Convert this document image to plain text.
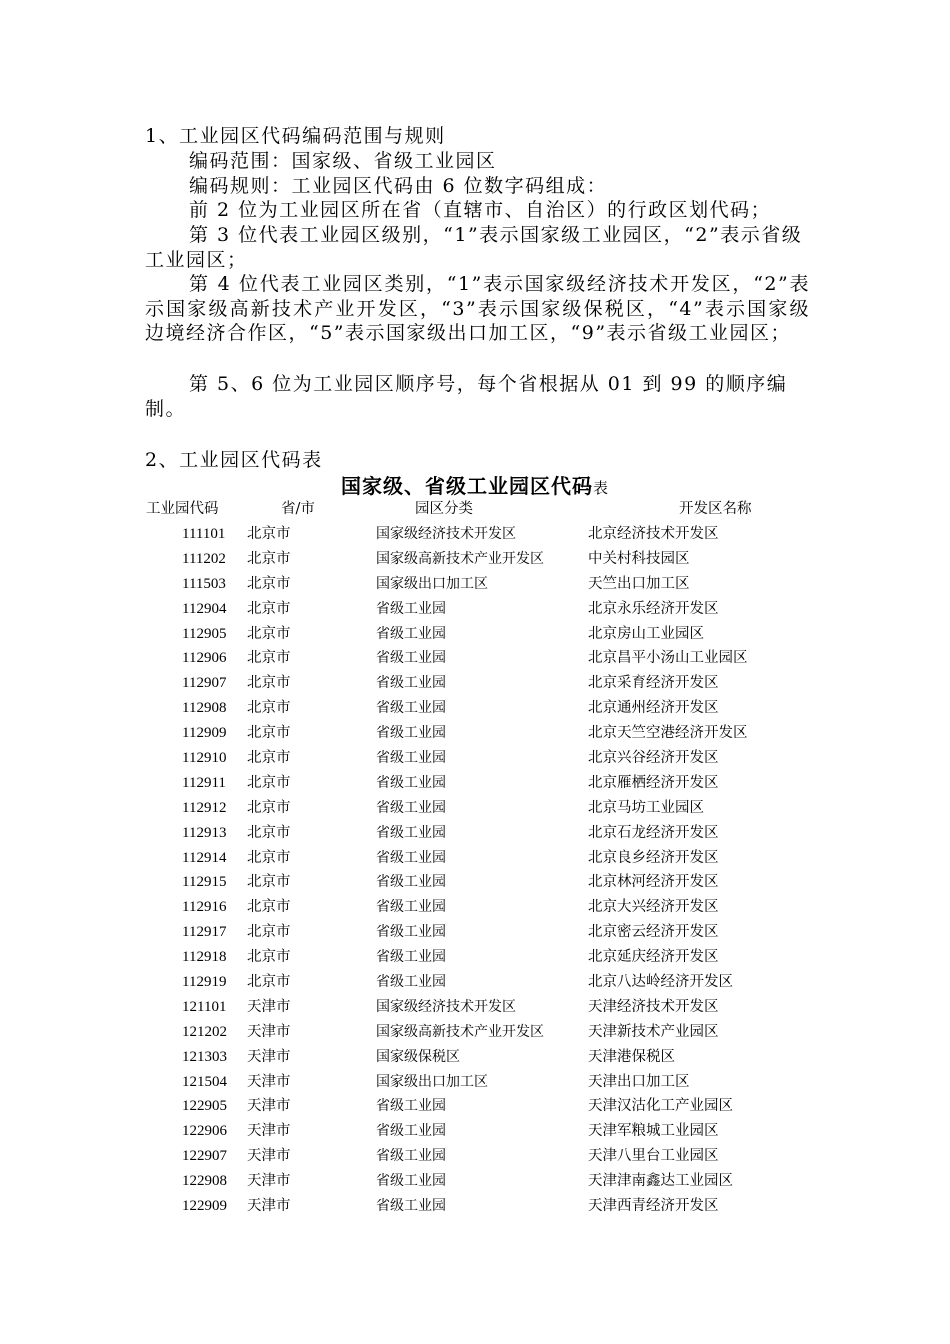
1、工业园区代码编码范围与规则
编码范围：国家级、省级工业园区
编码规则：工业园区代码由 6 位数字码组成：
前 2 位为工业园区所在省（直辖市、自治区）的行政区划代码；
第 3 位代表工业园区级别，“1”表示国家级工业园区，“2”表示省级工业园区；
第 4 位代表工业园区类别，“1”表示国家级经济技术开发区，“2”表示国家级高新技术产业开发区，“3”表示国家级保税区，“4”表示国家级边境经济合作区，“5”表示国家级出口加工区，“9”表示省级工业园区；
第 5、6 位为工业园区顺序号，每个省根据从 01 到 99 的顺序编制。
2、工业园区代码表
国家级、省级工业园区代码表
工业园代码	省/市	园区分类	开发区名称
111101 北京市	国家级经济技术开发区	北京经济技术开发区
111202 北京市	国家级高新技术产业开发区	中关村科技园区
111503 北京市	国家级出口加工区	天竺出口加工区
112904 北京市	省级工业园	北京永乐经济开发区
112905 北京市	省级工业园	北京房山工业园区
112906 北京市	省级工业园	北京昌平小汤山工业园区
112907 北京市	省级工业园	北京采育经济开发区
112908 北京市	省级工业园	北京通州经济开发区
112909 北京市	省级工业园	北京天竺空港经济开发区
112910 北京市	省级工业园	北京兴谷经济开发区
112911 北京市	省级工业园	北京雁栖经济开发区
112912 北京市	省级工业园	北京马坊工业园区
112913 北京市	省级工业园	北京石龙经济开发区
112914 北京市	省级工业园	北京良乡经济开发区
112915 北京市	省级工业园	北京林河经济开发区
112916 北京市	省级工业园	北京大兴经济开发区
112917 北京市	省级工业园	北京密云经济开发区
112918 北京市	省级工业园	北京延庆经济开发区
112919 北京市	省级工业园	北京八达岭经济开发区
121101 天津市	国家级经济技术开发区	天津经济技术开发区
121202 天津市	国家级高新技术产业开发区	天津新技术产业园区
121303 天津市	国家级保税区	天津港保税区
121504 天津市	国家级出口加工区	天津出口加工区
122905 天津市	省级工业园	天津汉沽化工产业园区
122906 天津市	省级工业园	天津军粮城工业园区
122907 天津市	省级工业园	天津八里台工业园区
122908 天津市	省级工业园	天津津南鑫达工业园区
122909 天津市	省级工业园	天津西青经济开发区
